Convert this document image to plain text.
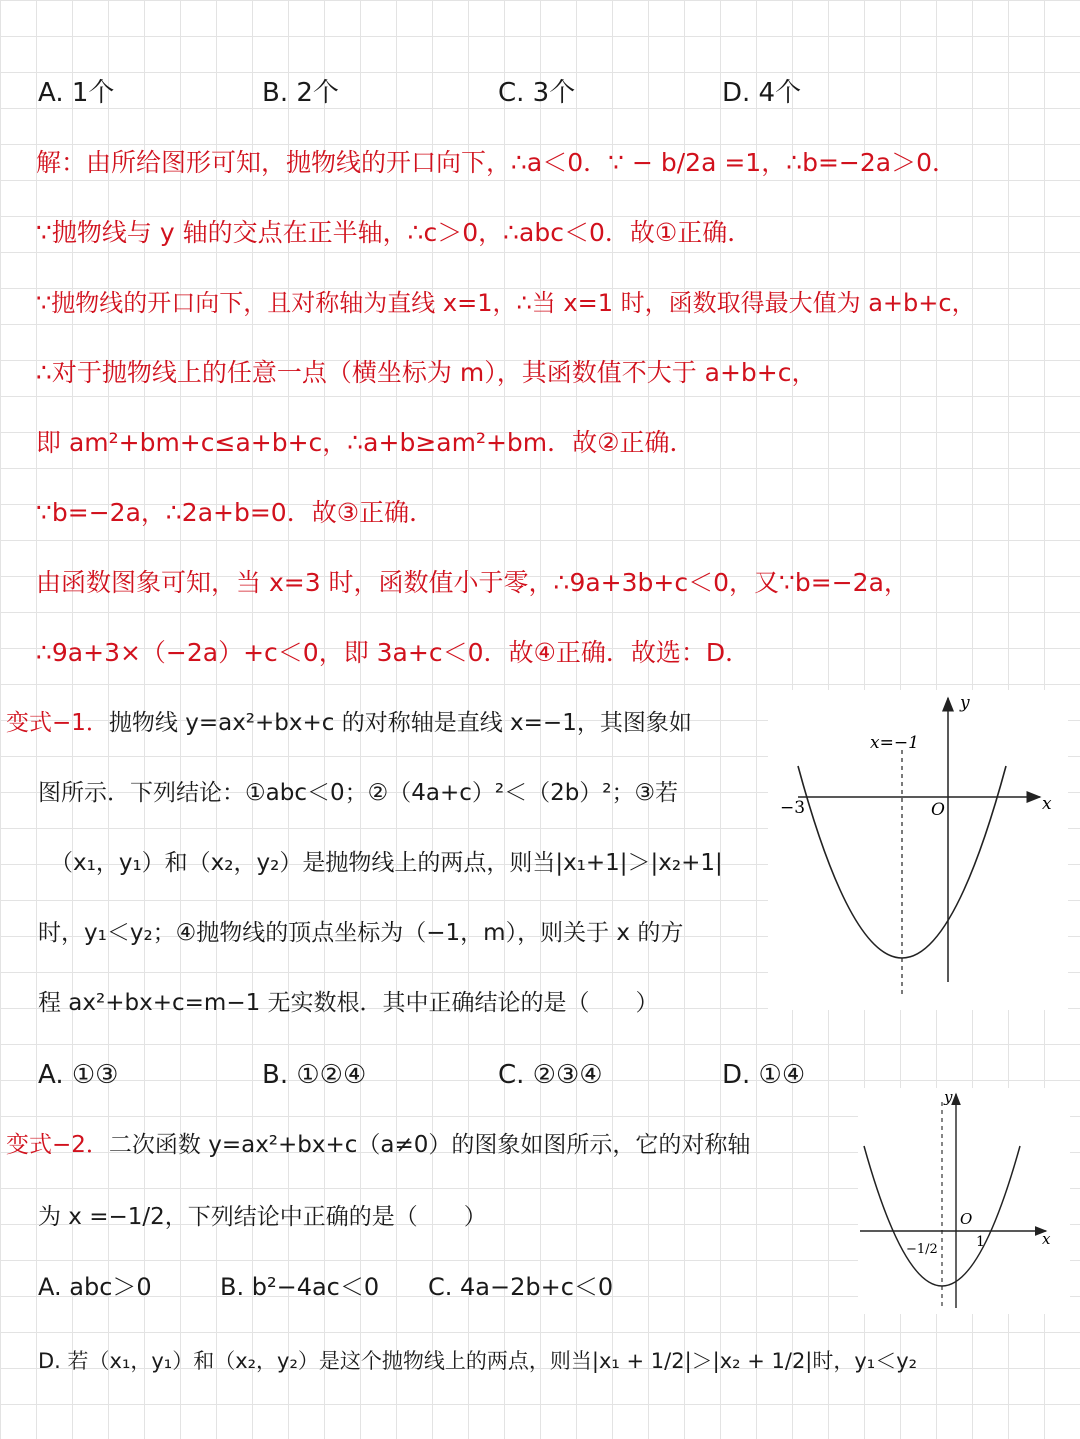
A. 1个	B. 2个	C. 3个	D. 4个
解：由所给图形可知，抛物线的开口向下，∴a＜0．∵ − b/2a =1，∴b=−2a＞0．
∵抛物线与 y 轴的交点在正半轴，∴c＞0，∴abc＜0．故①正确．
∵抛物线的开口向下，且对称轴为直线 x=1，∴当 x=1 时，函数取得最大值为 a+b+c，
∴对于抛物线上的任意一点（横坐标为 m），其函数值不大于 a+b+c，
即 am²+bm+c≤a+b+c，∴a+b≥am²+bm．故②正确．
∵b=−2a，∴2a+b=0．故③正确．
由函数图象可知，当 x=3 时，函数值小于零，∴9a+3b+c＜0，又∵b=−2a，
∴9a+3×（−2a）+c＜0，即 3a+c＜0．故④正确．故选：D．
变式−1．抛物线 y=ax²+bx+c 的对称轴是直线 x=−1，其图象如
图所示．下列结论：①abc＜0；②（4a+c）²＜（2b）²；③若
（x₁，y₁）和（x₂，y₂）是抛物线上的两点，则当|x₁+1|＞|x₂+1|
时，y₁＜y₂；④抛物线的顶点坐标为（−1，m），则关于 x 的方
程 ax²+bx+c=m−1 无实数根．其中正确结论的是（　　）
A. ①③	B. ①②④	C. ②③④	D. ①④
x
y
O
x=−1
−3
变式−2．二次函数 y=ax²+bx+c（a≠0）的图象如图所示，它的对称轴
为 x =−1/2，下列结论中正确的是（　　）
A. abc＞0	B. b²−4ac＜0 C. 4a−2b+c＜0
D. 若（x₁，y₁）和（x₂，y₂）是这个抛物线上的两点，则当|x₁ + 1/2|＞|x₂ + 1/2|时，y₁＜y₂
x
y
O
1
−1/2
